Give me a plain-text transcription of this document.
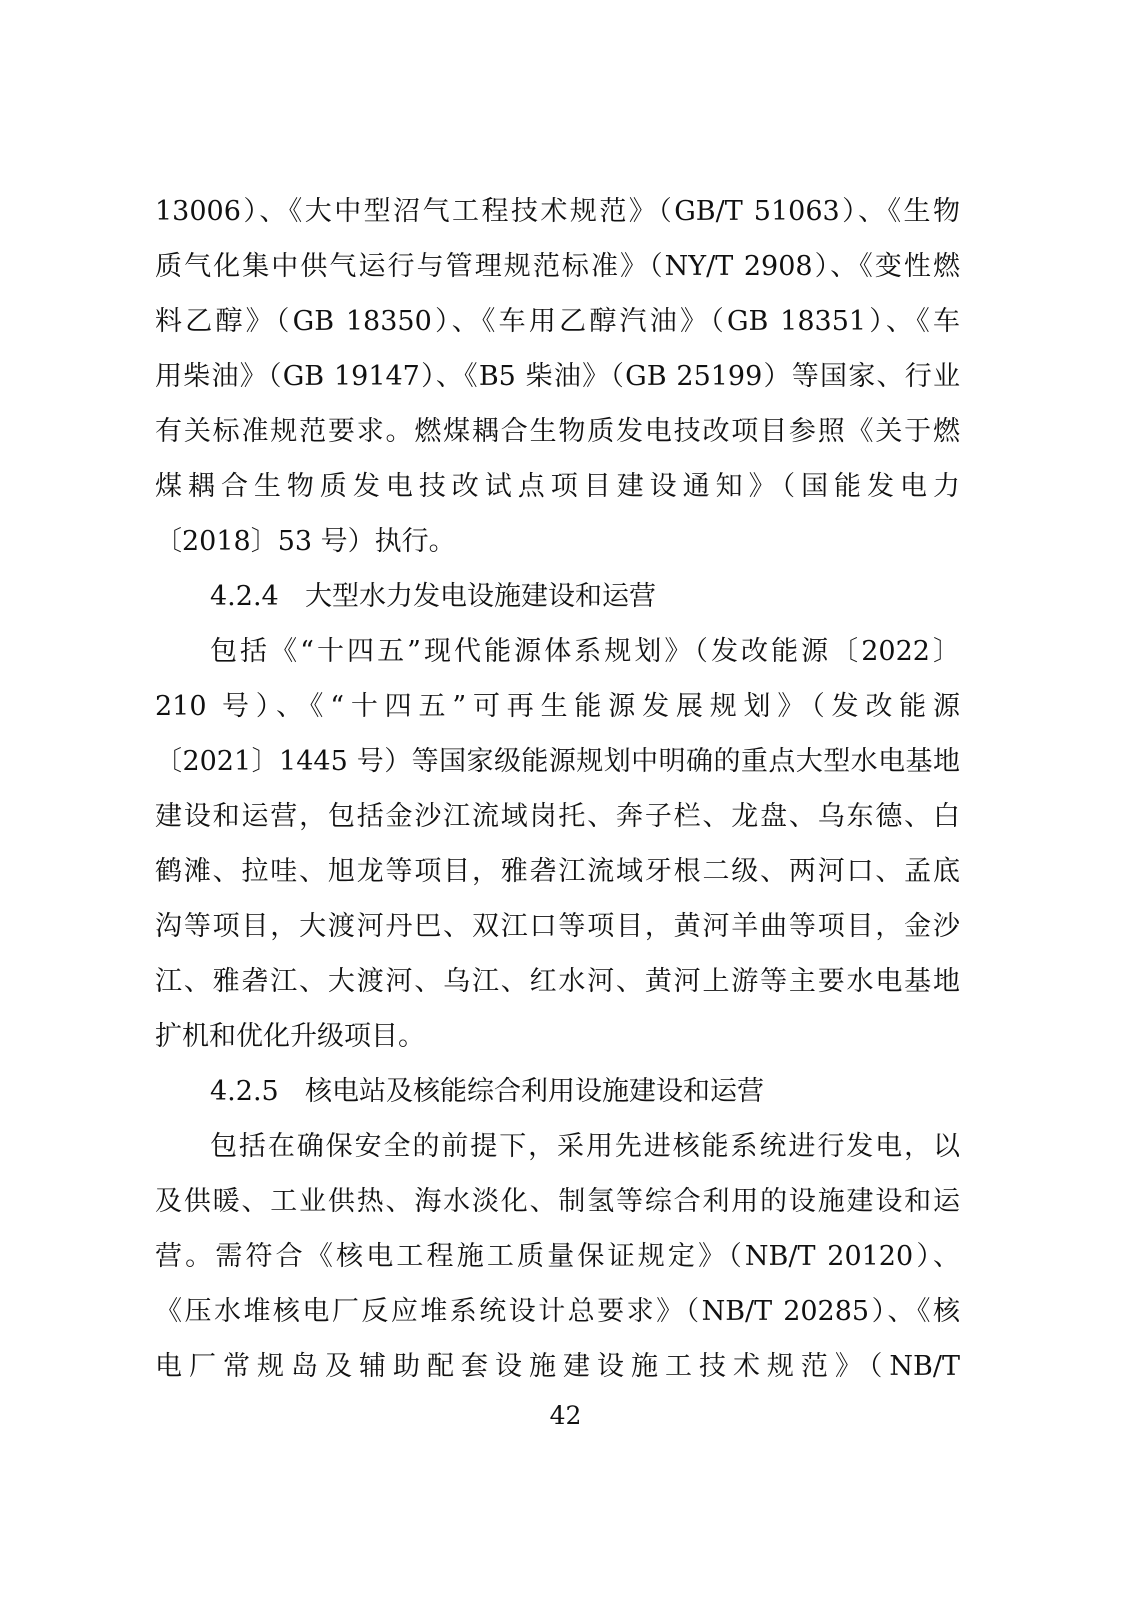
13006）、《大中型沼气工程技术规范》（GB/T 51063）、《生物
质气化集中供气运行与管理规范标准》（NY/T 2908）、《变性燃
料乙醇》（GB 18350）、《车用乙醇汽油》（GB 18351）、《车
用柴油》（GB 19147）、《B5 柴油》（GB 25199）等国家、行业
有关标准规范要求。燃煤耦合生物质发电技改项目参照《关于燃
煤耦合生物质发电技改试点项目建设通知》（国能发电力
〔2018〕53 号）执行。
4.2.4 大型水力发电设施建设和运营
包括《“十四五”现代能源体系规划》（发改能源〔2022〕
210 号）、《“十四五”可再生能源发展规划》（发改能源
〔2021〕1445 号）等国家级能源规划中明确的重点大型水电基地
建设和运营，包括金沙江流域岗托、奔子栏、龙盘、乌东德、白
鹤滩、拉哇、旭龙等项目，雅砻江流域牙根二级、两河口、孟底
沟等项目，大渡河丹巴、双江口等项目，黄河羊曲等项目，金沙
江、雅砻江、大渡河、乌江、红水河、黄河上游等主要水电基地
扩机和优化升级项目。
4.2.5 核电站及核能综合利用设施建设和运营
包括在确保安全的前提下，采用先进核能系统进行发电，以
及供暖、工业供热、海水淡化、制氢等综合利用的设施建设和运
营。需符合《核电工程施工质量保证规定》（NB/T 20120）、
《压水堆核电厂反应堆系统设计总要求》（NB/T 20285）、《核
电厂常规岛及辅助配套设施建设施工技术规范》（NB/T
42
